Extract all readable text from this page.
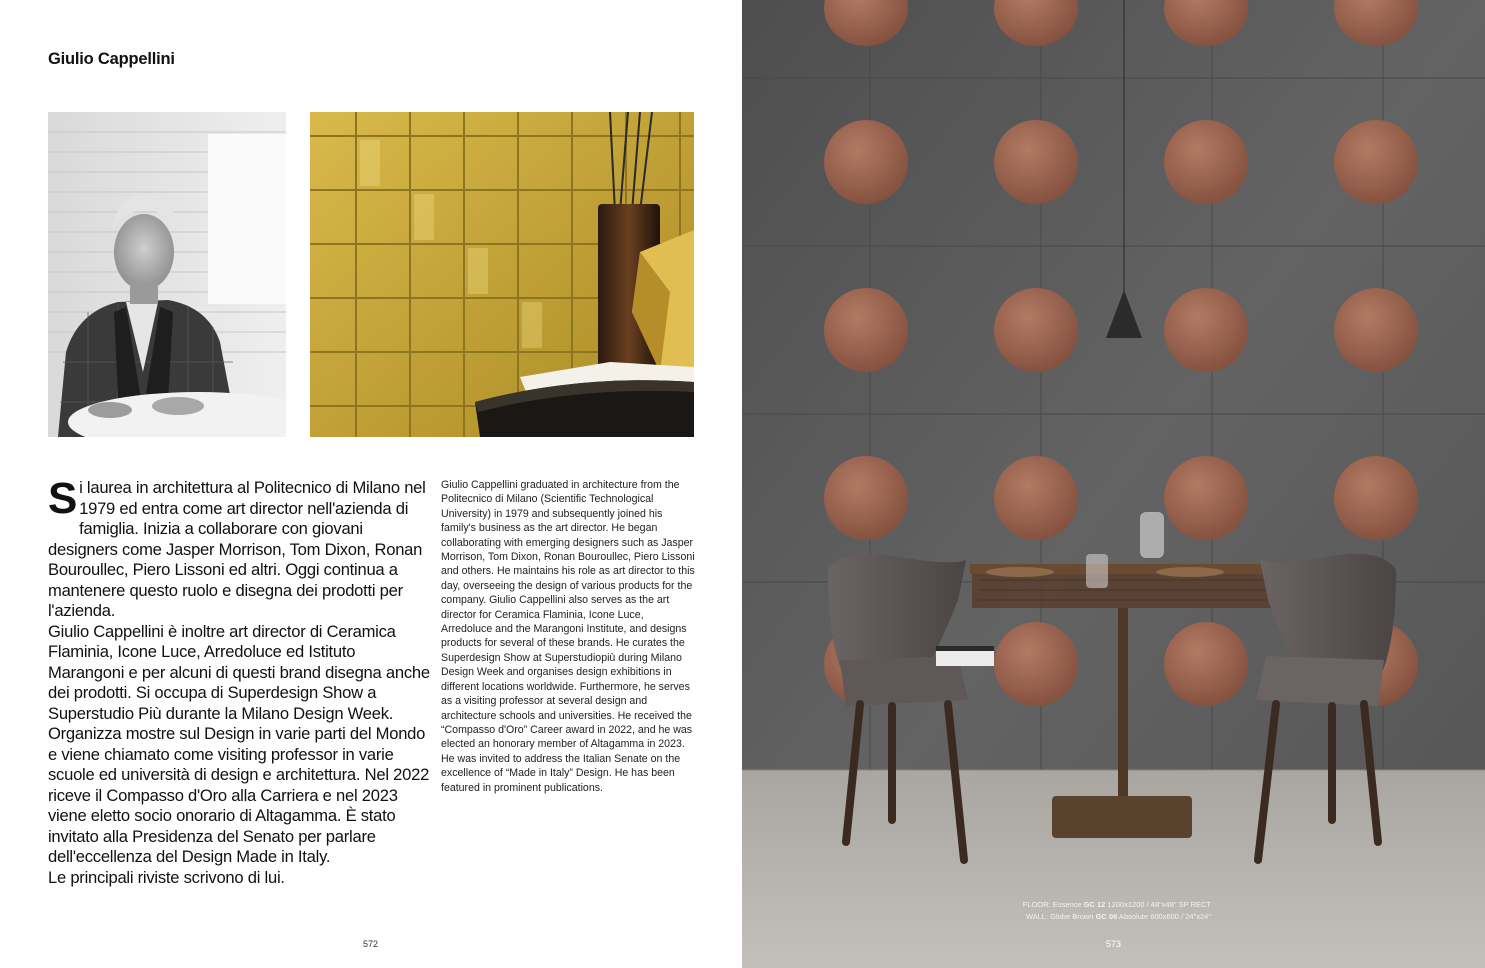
Giulio Cappellini

Si laurea in architettura al Politecnico di Milano nel 1979 ed entra come art director nell'azienda di famiglia. Inizia a collaborare con giovani designers come Jasper Morrison, Tom Dixon, Ronan Bouroullec, Piero Lissoni ed altri. Oggi continua a mantenere questo ruolo e disegna dei prodotti per l'azienda.

Giulio Cappellini è inoltre art director di Ceramica Flaminia, Icone Luce, Arredoluce ed Istituto Marangoni e per alcuni di questi brand disegna anche dei prodotti. Si occupa di Superdesign Show a Superstudio Più durante la Milano Design Week. Organizza mostre sul Design in varie parti del Mondo e viene chiamato come visiting professor in varie scuole ed università di design e architettura. Nel 2022 riceve il Compasso d'Oro alla Carriera e nel 2023 viene eletto socio onorario di Altagamma. È stato invitato alla Presidenza del Senato per parlare dell'eccellenza del Design Made in Italy.

Le principali riviste scrivono di lui.

Giulio Cappellini graduated in architecture from the Politecnico di Milano (Scientific Technological University) in 1979 and subsequently joined his family's business as the art director. He began collaborating with emerging designers such as Jasper Morrison, Tom Dixon, Ronan Bouroullec, Piero Lissoni and others. He maintains his role as art director to this day, overseeing the design of various products for the company. Giulio Cappellini also serves as the art director for Ceramica Flaminia, Icone Luce, Arredoluce and the Marangoni Institute, and designs products for several of these brands. He curates the Superdesign Show at Superstudiopiù during Milano Design Week and organises design exhibitions in different locations worldwide. Furthermore, he serves as a visiting professor at several design and architecture schools and universities. He received the “Compasso d'Oro” Career award in 2022, and he was elected an honorary member of Altagamma in 2023. He was invited to address the Italian Senate on the excellence of “Made in Italy” Design. He has been featured in prominent publications.
572
FLOOR: Essence GC 12 1200x1200 / 48"x48" SP RECT
WALL: Globe Brown GC 06 Absolute 600x600 / 24"x24"
573
